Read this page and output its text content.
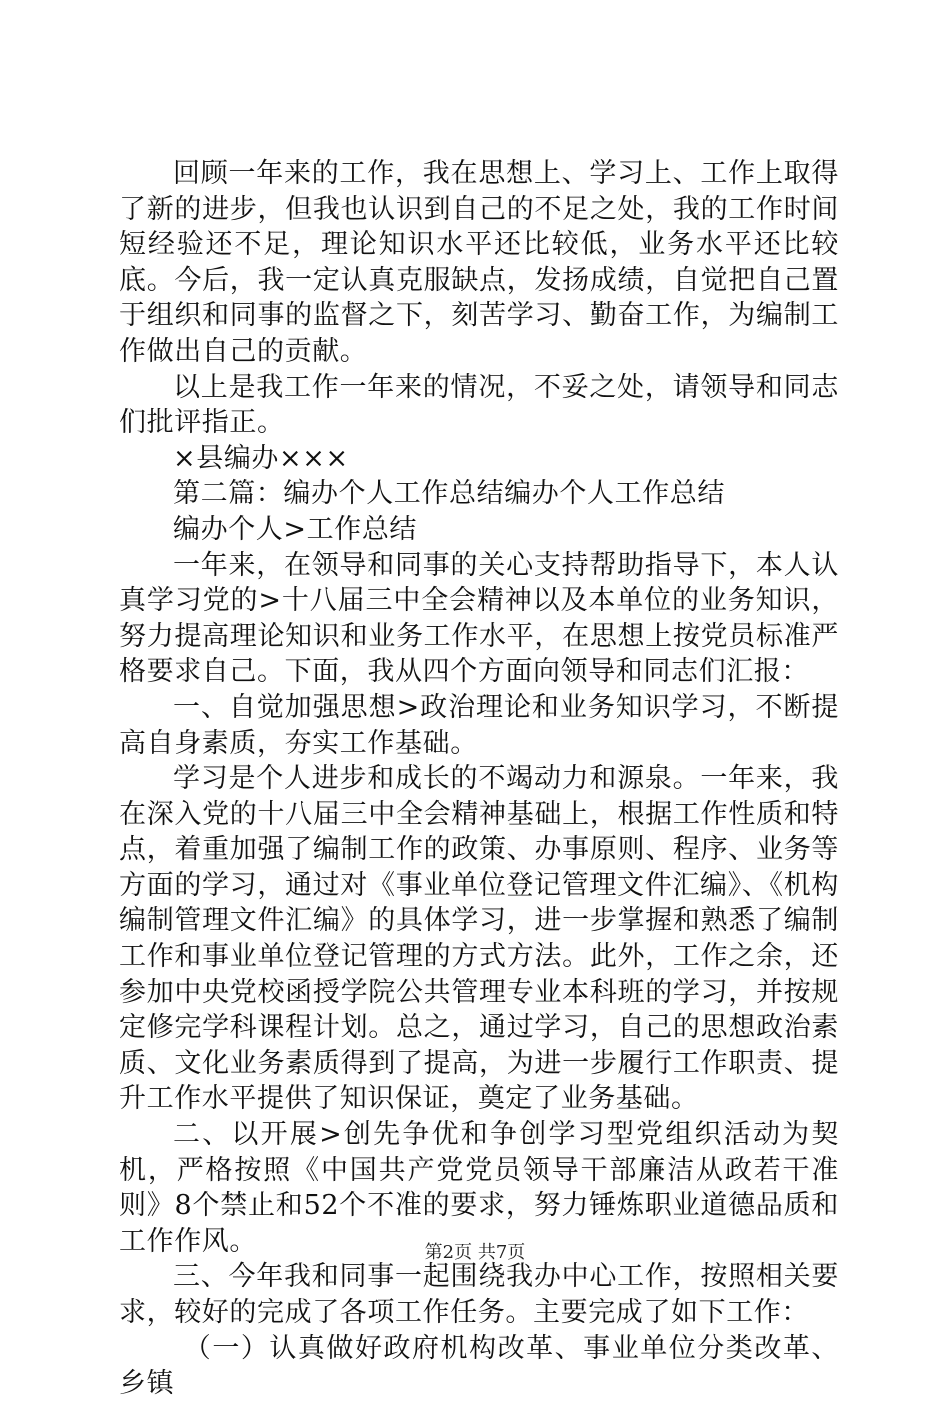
回顾一年来的工作，我在思想上、学习上、工作上取得了新的进步，但我也认识到自己的不足之处，我的工作时间短经验还不足，理论知识水平还比较低，业务水平还比较底。今后，我一定认真克服缺点，发扬成绩，自觉把自己置于组织和同事的监督之下，刻苦学习、勤奋工作，为编制工作做出自己的贡献。

以上是我工作一年来的情况，不妥之处，请领导和同志们批评指正。

×县编办×××

第二篇：编办个人工作总结编办个人工作总结

编办个人>工作总结

一年来，在领导和同事的关心支持帮助指导下，本人认真学习党的>十八届三中全会精神以及本单位的业务知识，努力提高理论知识和业务工作水平，在思想上按党员标准严格要求自己。下面，我从四个方面向领导和同志们汇报：

一、自觉加强思想>政治理论和业务知识学习，不断提高自身素质，夯实工作基础。

学习是个人进步和成长的不竭动力和源泉。一年来，我在深入党的十八届三中全会精神基础上，根据工作性质和特点，着重加强了编制工作的政策、办事原则、程序、业务等方面的学习，通过对《事业单位登记管理文件汇编》、《机构编制管理文件汇编》的具体学习，进一步掌握和熟悉了编制工作和事业单位登记管理的方式方法。此外，工作之余，还参加中央党校函授学院公共管理专业本科班的学习，并按规定修完学科课程计划。总之，通过学习，自己的思想政治素质、文化业务素质得到了提高，为进一步履行工作职责、提升工作水平提供了知识保证，奠定了业务基础。

二、以开展>创先争优和争创学习型党组织活动为契机，严格按照《中国共产党党员领导干部廉洁从政若干准则》8个禁止和52个不准的要求，努力锤炼职业道德品质和工作作风。

三、今年我和同事一起围绕我办中心工作，按照相关要求，较好的完成了各项工作任务。主要完成了如下工作：

（一）认真做好政府机构改革、事业单位分类改革、乡镇

第2页 共7页
